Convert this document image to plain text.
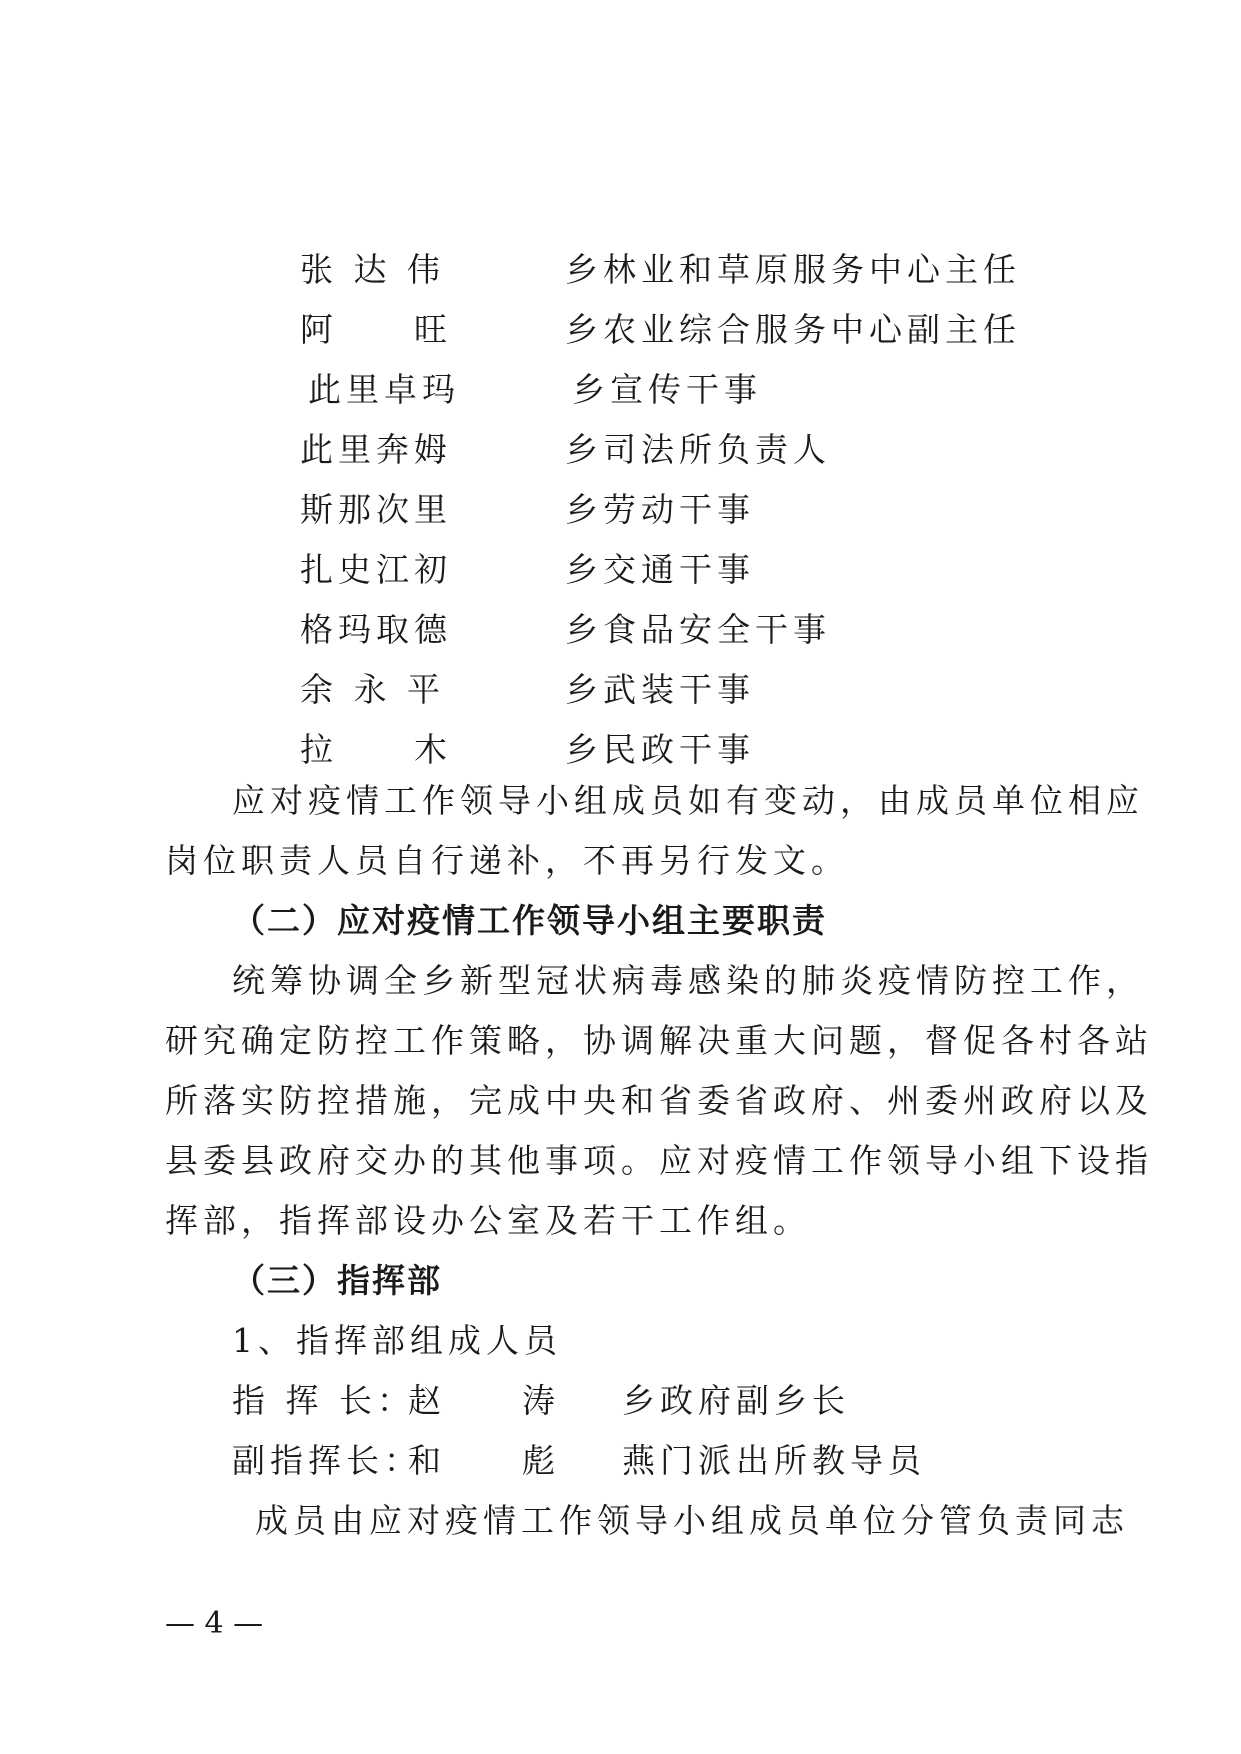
张 达 伟	乡林业和草原服务中心主任
阿　　旺	乡农业综合服务中心副主任
此里卓玛	乡宣传干事
此里奔姆	乡司法所负责人
斯那次里	乡劳动干事
扎史江初	乡交通干事
格玛取德	乡食品安全干事
余 永 平	乡武装干事
拉　　木	乡民政干事
应对疫情工作领导小组成员如有变动，由成员单位相应
岗位职责人员自行递补，不再另行发文。
（二）应对疫情工作领导小组主要职责
统筹协调全乡新型冠状病毒感染的肺炎疫情防控工作，
研究确定防控工作策略，协调解决重大问题，督促各村各站
所落实防控措施，完成中央和省委省政府、州委州政府以及
县委县政府交办的其他事项。应对疫情工作领导小组下设指
挥部，指挥部设办公室及若干工作组。
（三）指挥部
1、指挥部组成人员
指 挥 长：
赵　　涛 乡政府副乡长
副指挥长：
和　　彪 燕门派出所教导员
成员由应对疫情工作领导小组成员单位分管负责同志
— 4 —
